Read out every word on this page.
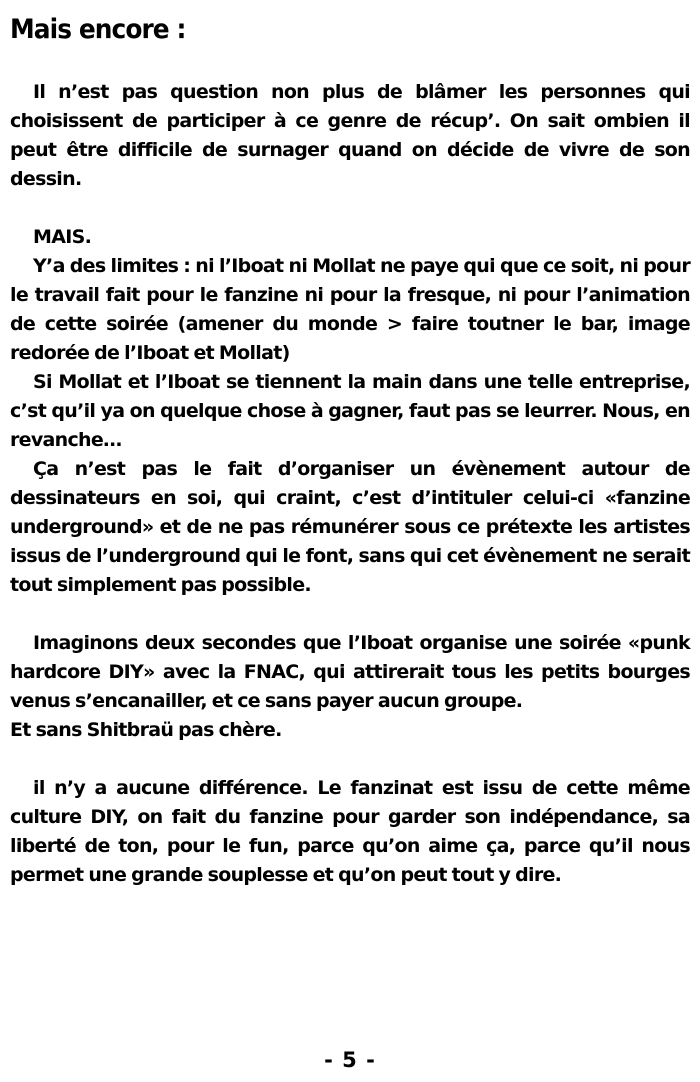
Mais encore :

Il n’est pas question non plus de blâmer les personnes qui choisissent de participer à ce genre de récup’. On sait ombien il peut être difficile de surnager quand on décide de vivre de son dessin.

MAIS.

Y’a des limites : ni l’Iboat ni Mollat ne paye qui que ce soit, ni pour le travail fait pour le fanzine ni pour la fresque, ni pour l’animation de cette soirée (amener du monde > faire toutner le bar, image redorée de l’Iboat et Mollat)

Si Mollat et l’Iboat se tiennent la main dans une telle entreprise, c’st qu’il ya on quelque chose à gagner, faut pas se leurrer. Nous, en revanche…

Ça n’est pas le fait d’organiser un évènement autour de dessinateurs en soi, qui craint, c’est d’intituler celui-ci «fanzine underground» et de ne pas rémunérer sous ce prétexte les artistes issus de l’underground qui le font, sans qui cet évènement ne serait tout simplement pas possible.

Imaginons deux secondes que l’Iboat organise une soirée «punk hardcore DIY» avec la FNAC, qui attirerait tous les petits bourges venus s’encanailler, et ce sans payer aucun groupe.

Et sans Shitbraü pas chère.

il n’y a aucune différence. Le fanzinat est issu de cette même culture DIY, on fait du fanzine pour garder son indépendance, sa liberté de ton, pour le fun, parce qu’on aime ça, parce qu’il nous permet une grande souplesse et qu’on peut tout y dire.

- 5 -
